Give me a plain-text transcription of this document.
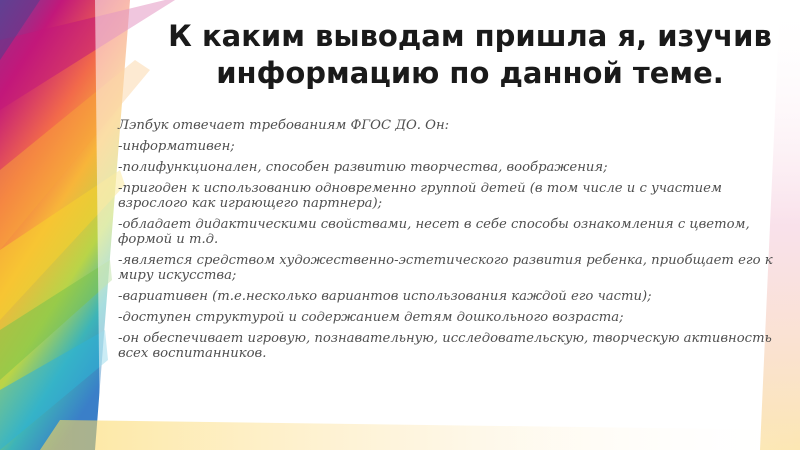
К каким выводам пришла я, изучив
информацию по данной теме.

Лэпбук отвечает требованиям ФГОС ДО. Он:

-информативен;

-полифункционален, способен развитию творчества, воображения;

-пригоден к использованию одновременно группой детей (в том числе и с участием взрослого как играющего партнера);

-обладает дидактическими свойствами, несет в себе способы ознакомления с цветом, формой и т.д.

-является средством художественно-эстетического развития ребенка, приобщает его к миру искусства;

-вариативен (т.е.несколько вариантов использования каждой его части);

-доступен структурой и содержанием детям дошкольного возраста;

-он обеспечивает игровую, познавательную, исследовательскую, творческую активность всех воспитанников.
